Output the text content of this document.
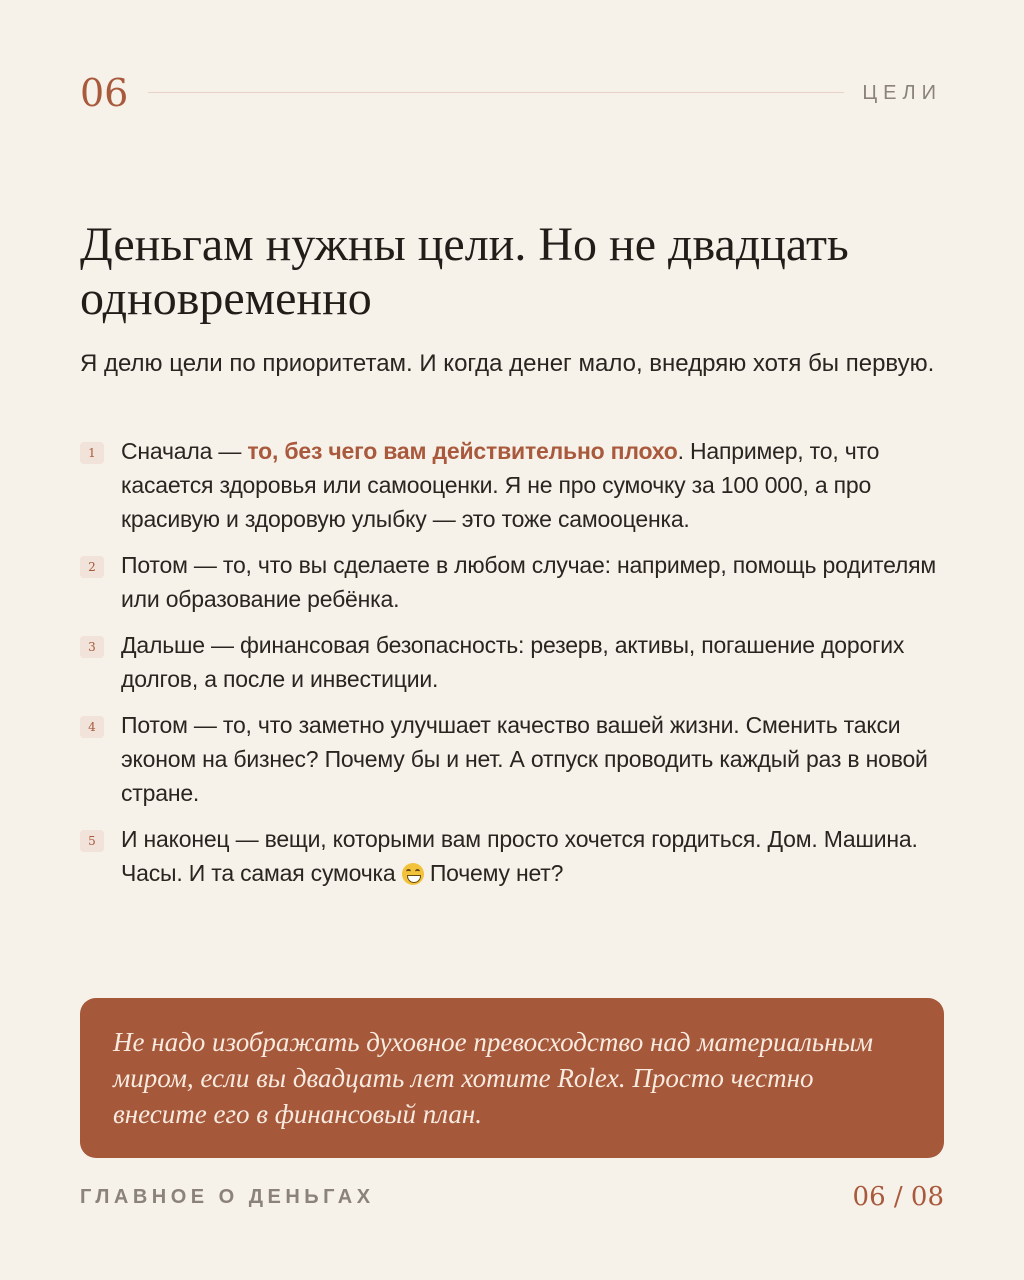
06	ЦЕЛИ
Деньгам нужны цели. Но не двадцать одновременно

Я делю цели по приоритетам. И когда денег мало, внедряю хотя бы первую.

1	Сначала — то, без чего вам действительно плохо. Например, то, что касается здоровья или самооценки. Я не про сумочку за 100 000, а про красивую и здоровую улыбку — это тоже самооценка.
2	Потом — то, что вы сделаете в любом случае: например, помощь родителям или образование ребёнка.
3	Дальше — финансовая безопасность: резерв, активы, погашение дорогих долгов, а после и инвестиции.
4	Потом — то, что заметно улучшает качество вашей жизни. Сменить такси эконом на бизнес? Почему бы и нет. А отпуск проводить каждый раз в новой стране.
5	И наконец — вещи, которыми вам просто хочется гордиться. Дом. Машина. Часы. И та самая сумочка
Почему нет?

Не надо изображать духовное превосходство над материальным миром, если вы двадцать лет хотите Rolex. Просто честно внесите его в финансовый план.

ГЛАВНОЕ О ДЕНЬГАХ	06 / 08
